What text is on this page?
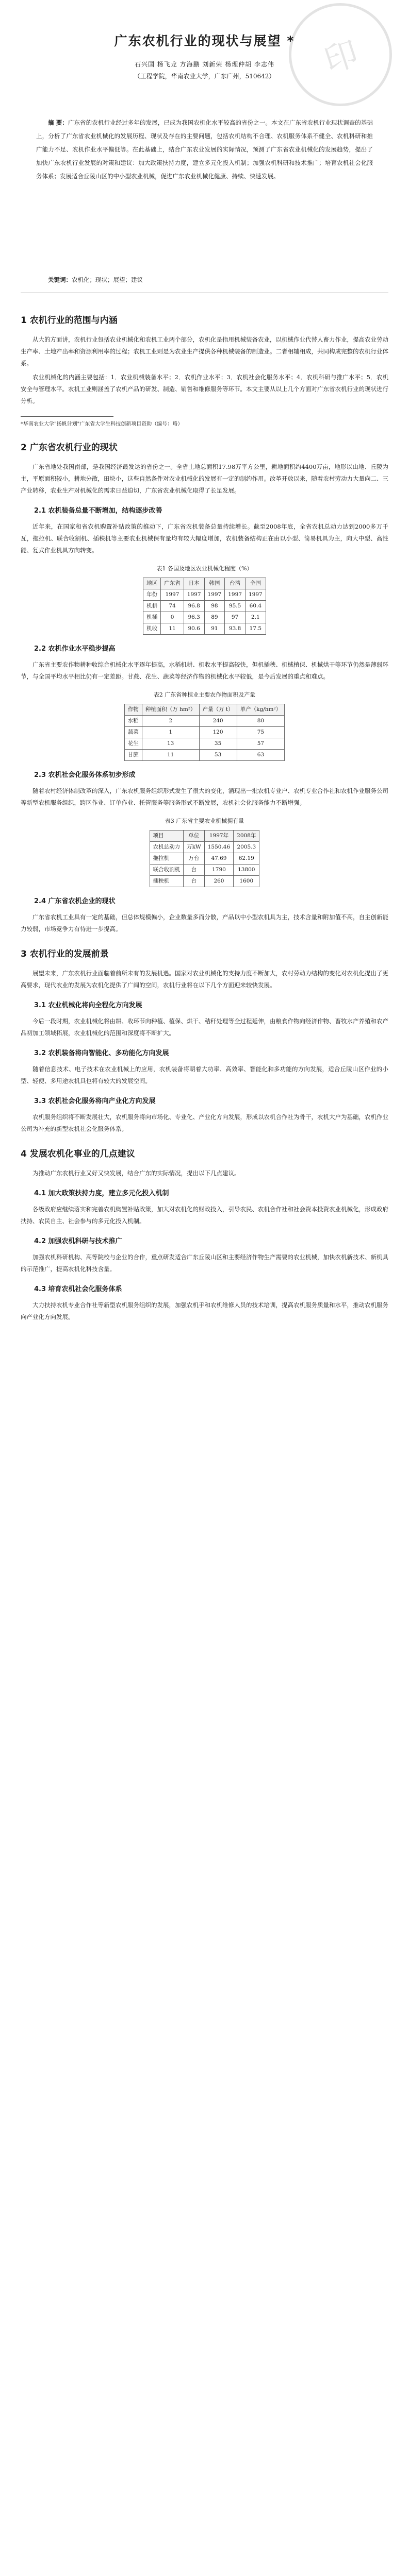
印
广东农机行业的现状与展望 *
石兴国 杨飞龙 方海鹏 刘新荣 杨理仲胡 李志伟
（工程学院，华南农业大学，广东广州，510642）
摘 要：广东省的农机行业经过多年的发展，已成为我国农机化水平较高的省份之一。本文在广东省农机行业现状调查的基础上，分析了广东省农业机械化的发展历程、现状及存在的主要问题，包括农机结构不合理、农机服务体系不健全、农机科研和推广能力不足、农机作业水平偏低等。在此基础上，结合广东农业发展的实际情况，预测了广东省农业机械化的发展趋势，提出了加快广东农机行业发展的对策和建议：加大政策扶持力度，建立多元化投入机制；加强农机科研和技术推广；培育农机社会化服务体系；发展适合丘陵山区的中小型农业机械，促进广东农业机械化健康、持续、快速发展。
关键词：农机化；现状；展望；建议
1 农机行业的范围与内涵

从大的方面讲，农机行业包括农业机械化和农机工业两个部分，农机化是指用机械装备农业，以机械作业代替人畜力作业，提高农业劳动生产率、土地产出率和资源利用率的过程；农机工业则是为农业生产提供各种机械装备的制造业。二者相辅相成，共同构成完整的农机行业体系。

农业机械化的内涵主要包括：1．农业机械装备水平；2．农机作业水平；3．农机社会化服务水平；4．农机科研与推广水平；5．农机安全与管理水平。农机工业则涵盖了农机产品的研发、制造、销售和维修服务等环节。本文主要从以上几个方面对广东省农机行业的现状进行分析。

*华南农业大学"扬帆计划"广东省大学生科技创新项目资助（编号：略）

2 广东省农机行业的现状

广东省地处我国南部，是我国经济最发达的省份之一。全省土地总面积17.98万平方公里，耕地面积约4400万亩，地形以山地、丘陵为主，平原面积较小，耕地分散，田块小，这些自然条件对农业机械化的发展有一定的制约作用。改革开放以来，随着农村劳动力大量向二、三产业转移，农业生产对机械化的需求日益迫切，广东省农业机械化取得了长足发展。

2.1 农机装备总量不断增加，结构逐步改善

近年来，在国家和省农机购置补贴政策的推动下，广东省农机装备总量持续增长。截至2008年底，全省农机总动力达到2000多万千瓦，拖拉机、联合收割机、插秧机等主要农业机械保有量均有较大幅度增加，农机装备结构正在由以小型、简易机具为主，向大中型、高性能、复式作业机具方向转变。

表1 各国及地区农业机械化程度（%）
地区	广东省	日本	韩国	台湾	全国
年份	1997	1997	1997	1997	1997
机耕	74	96.8	98	95.5	60.4
机插	0	96.3	89	97	2.1
机收	11	90.6	91	93.8	17.5
2.2 农机作业水平稳步提高

广东省主要农作物耕种收综合机械化水平逐年提高，水稻机耕、机收水平提高较快，但机插秧、机械植保、机械烘干等环节仍然是薄弱环节，与全国平均水平相比仍有一定差距。甘蔗、花生、蔬菜等经济作物的机械化水平较低，是今后发展的重点和难点。

表2 广东省种植业主要农作物面积及产量
作物	种植面积（万 hm²）	产量（万 t）	单产（kg/hm²）
水稻	2	240	80
蔬菜	1	120	75
花生	13	35	57
甘蔗	11	53	63
2.3 农机社会化服务体系初步形成

随着农村经济体制改革的深入，广东农机服务组织形式发生了很大的变化，涌现出一批农机专业户、农机专业合作社和农机作业服务公司等新型农机服务组织，跨区作业、订单作业、托管服务等服务形式不断发展，农机社会化服务能力不断增强。

表3 广东省主要农业机械拥有量
项目	单位	1997年	2008年
农机总动力	万kW	1550.46	2005.3
拖拉机	万台	47.69	62.19
联合收割机	台	1790	13800
插秧机	台	260	1600
2.4 广东省农机企业的现状

广东省农机工业具有一定的基础，但总体规模偏小，企业数量多而分散，产品以中小型农机具为主，技术含量和附加值不高，自主创新能力较弱，市场竞争力有待进一步提高。

3 农机行业的发展前景

展望未来，广东农机行业面临着前所未有的发展机遇。国家对农业机械化的支持力度不断加大，农村劳动力结构的变化对农机化提出了更高要求，现代农业的发展为农机化提供了广阔的空间，农机行业将在以下几个方面迎来较快发展。

3.1 农业机械化将向全程化方向发展

今后一段时期，农业机械化将由耕、收环节向种植、植保、烘干、秸秆处理等全过程延伸，由粮食作物向经济作物、畜牧水产养殖和农产品初加工领域拓展，农业机械化的范围和深度将不断扩大。

3.2 农机装备将向智能化、多功能化方向发展

随着信息技术、电子技术在农业机械上的应用，农机装备将朝着大功率、高效率、智能化和多功能的方向发展，适合丘陵山区作业的小型、轻便、多用途农机具也将有较大的发展空间。

3.3 农机社会化服务将向产业化方向发展

农机服务组织将不断发展壮大，农机服务将向市场化、专业化、产业化方向发展，形成以农机合作社为骨干，农机大户为基础，农机作业公司为补充的新型农机社会化服务体系。

4 发展农机化事业的几点建议

为推动广东农机行业又好又快发展，结合广东的实际情况，提出以下几点建议。

4.1 加大政策扶持力度，建立多元化投入机制

各级政府应继续落实和完善农机购置补贴政策，加大对农机化的财政投入，引导农民、农机合作社和社会资本投资农业机械化，形成政府扶持、农民自主、社会参与的多元化投入机制。

4.2 加强农机科研与技术推广

加强农机科研机构、高等院校与企业的合作，重点研发适合广东丘陵山区和主要经济作物生产需要的农业机械，加快农机新技术、新机具的示范推广，提高农机化科技含量。

4.3 培育农机社会化服务体系

大力扶持农机专业合作社等新型农机服务组织的发展，加强农机手和农机维修人员的技术培训，提高农机服务质量和水平，推动农机服务向产业化方向发展。
